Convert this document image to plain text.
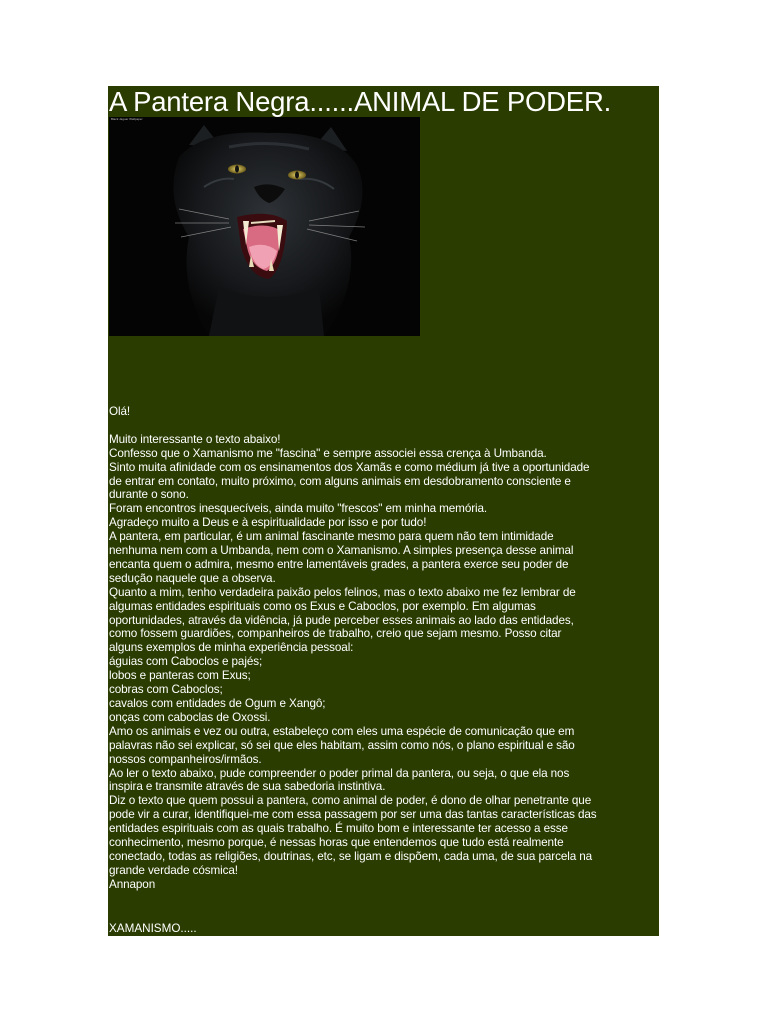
A Pantera Negra......ANIMAL DE PODER.
Black Jaguar Wallpaper

Olá!

Muito interessante o texto abaixo!

Confesso que o Xamanismo me "fascina" e sempre associei essa crença à Umbanda.

Sinto muita afinidade com os ensinamentos dos Xamãs e como médium já tive a oportunidade

de entrar em contato, muito próximo, com alguns animais em desdobramento consciente e

durante o sono.

Foram encontros inesquecíveis, ainda muito "frescos" em minha memória.

Agradeço muito a Deus e à espiritualidade por isso e por tudo!

A pantera, em particular, é um animal fascinante mesmo para quem não tem intimidade

nenhuma nem com a Umbanda, nem com o Xamanismo. A simples presença desse animal

encanta quem o admira, mesmo entre lamentáveis grades, a pantera exerce seu poder de

sedução naquele que a observa.

Quanto a mim, tenho verdadeira paixão pelos felinos, mas o texto abaixo me fez lembrar de

algumas entidades espirituais como os Exus e Caboclos, por exemplo. Em algumas

oportunidades, através da vidência, já pude perceber esses animais ao lado das entidades,

como fossem guardiões, companheiros de trabalho, creio que sejam mesmo. Posso citar

alguns exemplos de minha experiência pessoal:

águias com Caboclos e pajés;

lobos e panteras com Exus;

cobras com Caboclos;

cavalos com entidades de Ogum e Xangô;

onças com caboclas de Oxossi.

Amo os animais e vez ou outra, estabeleço com eles uma espécie de comunicação que em

palavras não sei explicar, só sei que eles habitam, assim como nós, o plano espiritual e são

nossos companheiros/irmãos.

Ao ler o texto abaixo, pude compreender o poder primal da pantera, ou seja, o que ela nos

inspira e transmite através de sua sabedoria instintiva.

Diz o texto que quem possui a pantera, como animal de poder, é dono de olhar penetrante que

pode vir a curar, identifiquei-me com essa passagem por ser uma das tantas características das

entidades espirituais com as quais trabalho. É muito bom e interessante ter acesso a esse

conhecimento, mesmo porque, é nessas horas que entendemos que tudo está realmente

conectado, todas as religiões, doutrinas, etc, se ligam e dispõem, cada uma, de sua parcela na

grande verdade cósmica!

Annapon

XAMANISMO.....
